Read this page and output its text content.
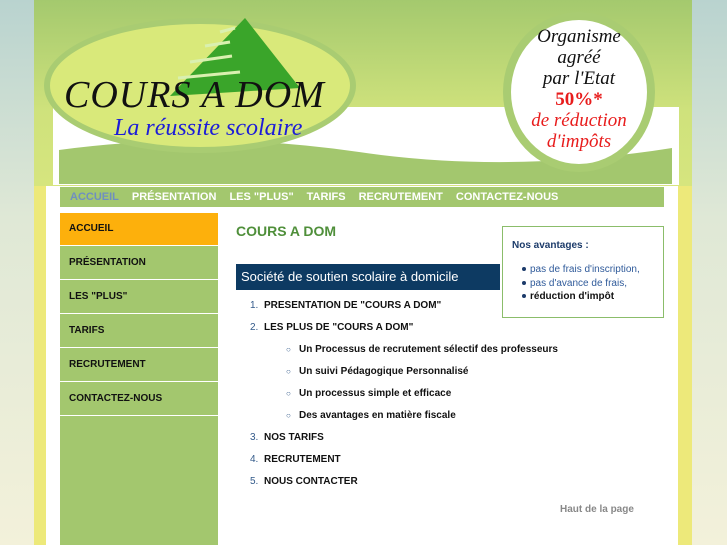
COURS A DOM
La réussite scolaire
Organisme
agréé
par l'Etat
50%*
de réduction
d'impôts
ACCUEIL PRÉSENTATION LES "PLUS" TARIFS RECRUTEMENT CONTACTEZ-NOUS
ACCUEIL
PRÉSENTATION
LES "PLUS"
TARIFS
RECRUTEMENT
CONTACTEZ-NOUS
COURS A DOM
Société de soutien scolaire à domicile
1. PRESENTATION DE "COURS A DOM"
2. LES PLUS DE "COURS A DOM"
○ Un Processus de recrutement sélectif des professeurs
○ Un suivi Pédagogique Personnalisé
○ Un processus simple et efficace
○ Des avantages en matière fiscale
3. NOS TARIFS
4. RECRUTEMENT
5. NOUS CONTACTER
Haut de la page
Nos avantages :
pas de frais d'inscription,
pas d'avance de frais,
réduction d'impôt
